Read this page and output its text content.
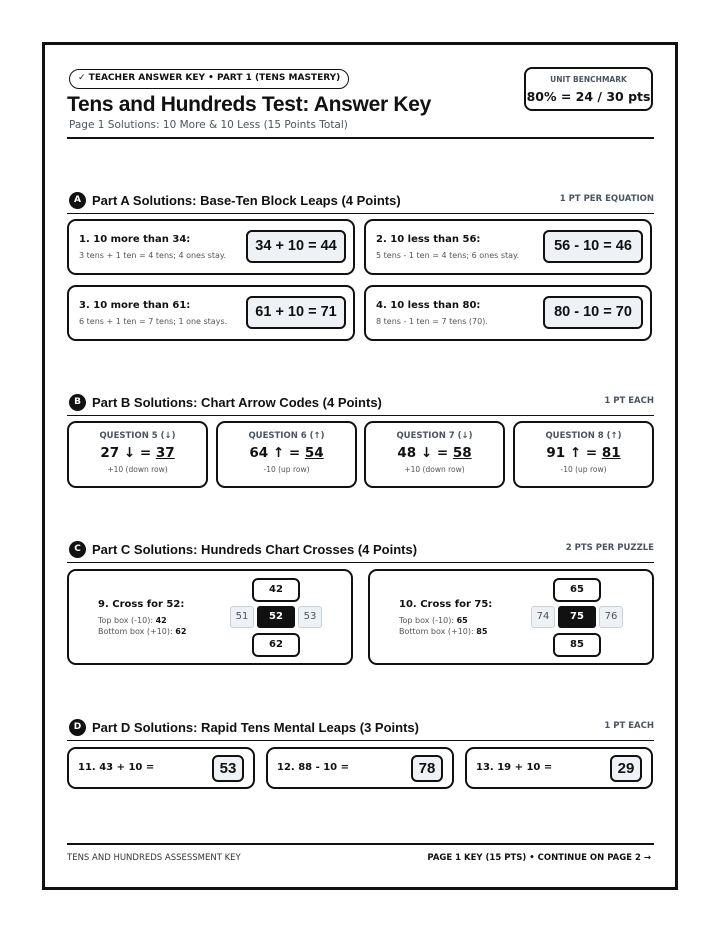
✓ TEACHER ANSWER KEY • PART 1 (TENS MASTERY)
Tens and Hundreds Test: Answer Key
Page 1 Solutions: 10 More & 10 Less (15 Points Total)
UNIT BENCHMARK
80% = 24 / 30 pts
A Part A Solutions: Base-Ten Block Leaps (4 Points)	1 PT PER EQUATION
1. 10 more than 34:
3 tens + 1 ten = 4 tens; 4 ones stay.
34 + 10 = 44	2. 10 less than 56:
5 tens - 1 ten = 4 tens; 6 ones stay.
56 - 10 = 46
3. 10 more than 61:
6 tens + 1 ten = 7 tens; 1 one stays.
61 + 10 = 71	4. 10 less than 80:
8 tens - 1 ten = 7 tens (70).
80 - 10 = 70
B Part B Solutions: Chart Arrow Codes (4 Points)	1 PT EACH
QUESTION 5 (↓)
27 ↓ = 37
+10 (down row)
QUESTION 6 (↑)
64 ↑ = 54
-10 (up row)
QUESTION 7 (↓)
48 ↓ = 58
+10 (down row)
QUESTION 8 (↑)
91 ↑ = 81
-10 (up row)
C Part C Solutions: Hundreds Chart Crosses (4 Points)	2 PTS PER PUZZLE
9. Cross for 52:
Top box (-10): 42
Bottom box (+10): 62
42
51	52	53
62
10. Cross for 75:
Top box (-10): 65
Bottom box (+10): 85
65
74	75	76
85
D Part D Solutions: Rapid Tens Mental Leaps (3 Points)	1 PT EACH
11. 43 + 10 =	53	12. 88 - 10 =	78	13. 19 + 10 =	29
TENS AND HUNDREDS ASSESSMENT KEY	PAGE 1 KEY (15 PTS) • CONTINUE ON PAGE 2 →
